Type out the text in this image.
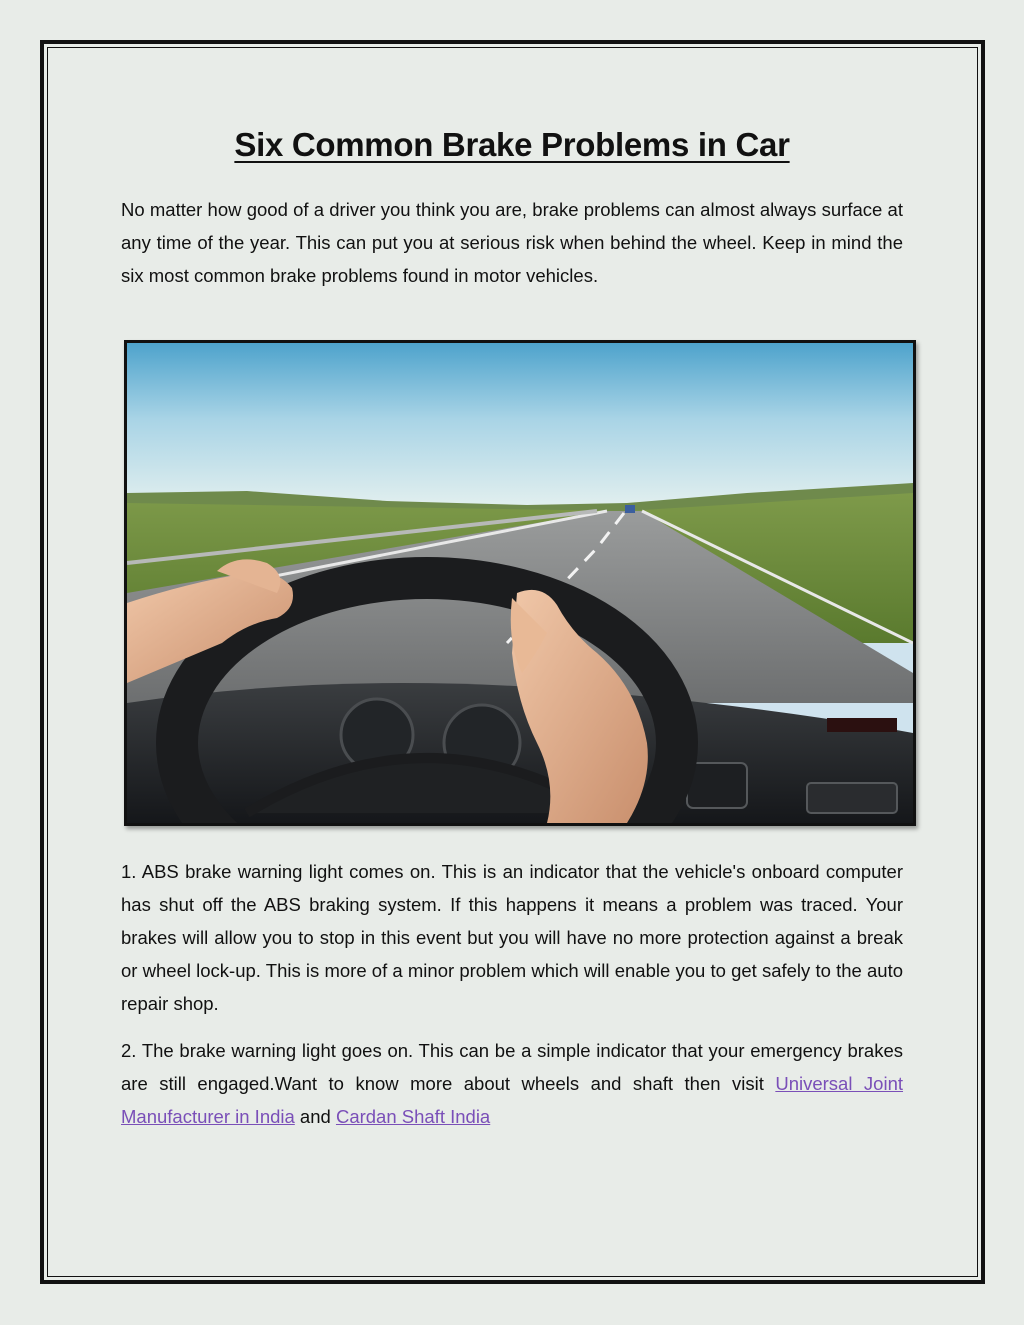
Six Common Brake Problems in Car

No matter how good of a driver you think you are, brake problems can almost always surface at any time of the year. This can put you at serious risk when behind the wheel. Keep in mind the six most common brake problems found in motor vehicles.

1. ABS brake warning light comes on. This is an indicator that the vehicle's onboard computer has shut off the ABS braking system. If this happens it means a problem was traced. Your brakes will allow you to stop in this event but you will have no more protection against a break or wheel lock-up. This is more of a minor problem which will enable you to get safely to the auto repair shop.

2. The brake warning light goes on. This can be a simple indicator that your emergency brakes are still engaged.Want to know more about wheels and shaft then visit Universal Joint Manufacturer in India and Cardan Shaft India
